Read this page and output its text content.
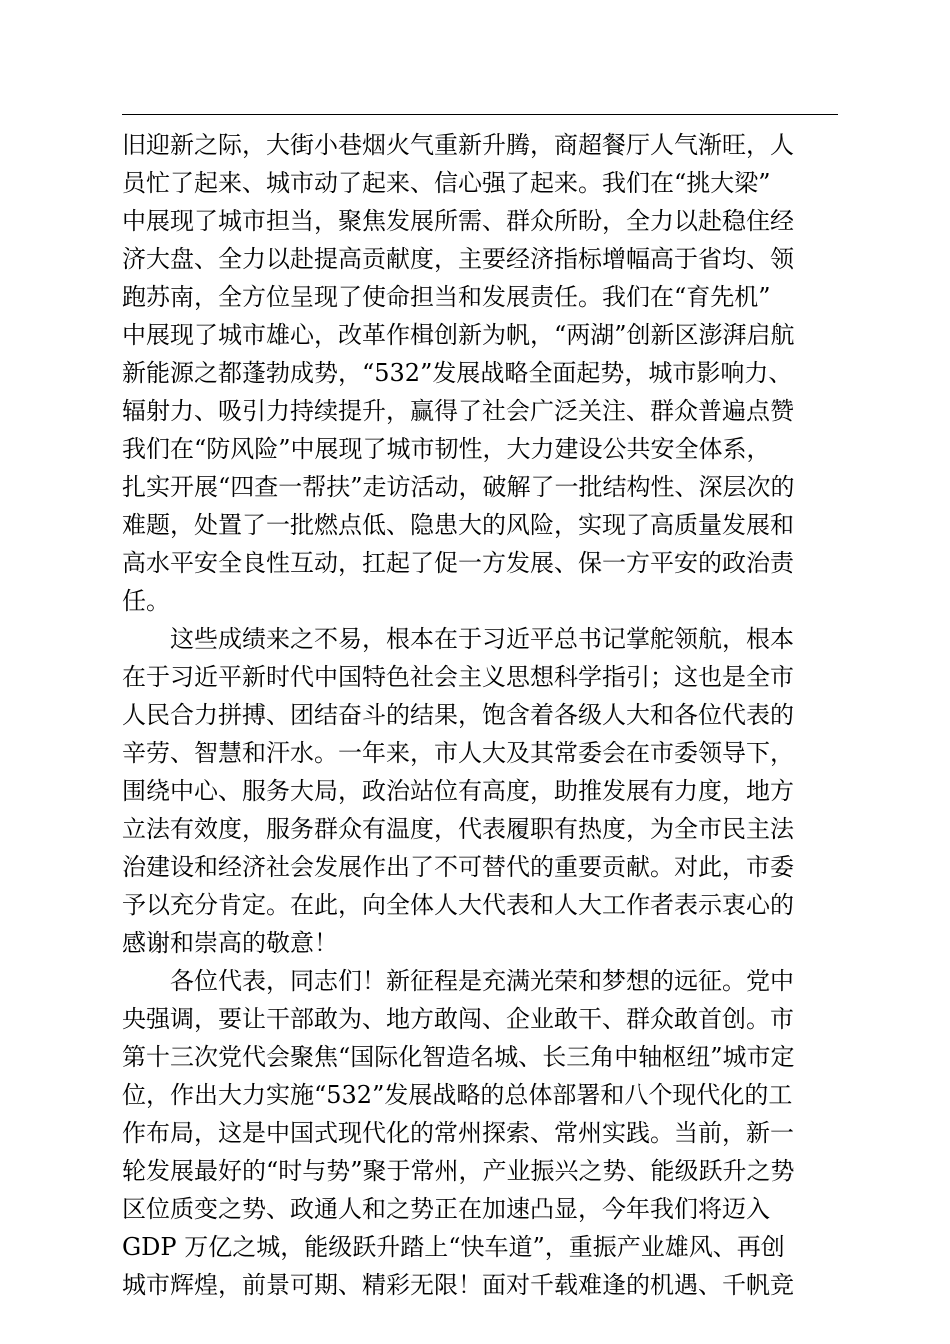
旧迎新之际，大街小巷烟火气重新升腾，商超餐厅人气渐旺，人
员忙了起来、城市动了起来、信心强了起来。我们在“挑大梁”
中展现了城市担当，聚焦发展所需、群众所盼，全力以赴稳住经
济大盘、全力以赴提高贡献度，主要经济指标增幅高于省均、领
跑苏南，全方位呈现了使命担当和发展责任。我们在“育先机”
中展现了城市雄心，改革作楫创新为帆，“两湖”创新区澎湃启航
新能源之都蓬勃成势，“532”发展战略全面起势，城市影响力、
辐射力、吸引力持续提升，赢得了社会广泛关注、群众普遍点赞
我们在“防风险”中展现了城市韧性，大力建设公共安全体系，
扎实开展“四查一帮扶”走访活动，破解了一批结构性、深层次的
难题，处置了一批燃点低、隐患大的风险，实现了高质量发展和
高水平安全良性互动，扛起了促一方发展、保一方平安的政治责
任。
这些成绩来之不易，根本在于习近平总书记掌舵领航，根本
在于习近平新时代中国特色社会主义思想科学指引；这也是全市
人民合力拼搏、团结奋斗的结果，饱含着各级人大和各位代表的
辛劳、智慧和汗水。一年来，市人大及其常委会在市委领导下，
围绕中心、服务大局，政治站位有高度，助推发展有力度，地方
立法有效度，服务群众有温度，代表履职有热度，为全市民主法
治建设和经济社会发展作出了不可替代的重要贡献。对此，市委
予以充分肯定。在此，向全体人大代表和人大工作者表示衷心的
感谢和崇高的敬意！
各位代表，同志们！新征程是充满光荣和梦想的远征。党中
央强调，要让干部敢为、地方敢闯、企业敢干、群众敢首创。市
第十三次党代会聚焦“国际化智造名城、长三角中轴枢纽”城市定
位，作出大力实施“532”发展战略的总体部署和八个现代化的工
作布局，这是中国式现代化的常州探索、常州实践。当前，新一
轮发展最好的“时与势”聚于常州，产业振兴之势、能级跃升之势
区位质变之势、政通人和之势正在加速凸显，今年我们将迈入
GDP 万亿之城，能级跃升踏上“快车道”，重振产业雄风、再创
城市辉煌，前景可期、精彩无限！面对千载难逢的机遇、千帆竞
